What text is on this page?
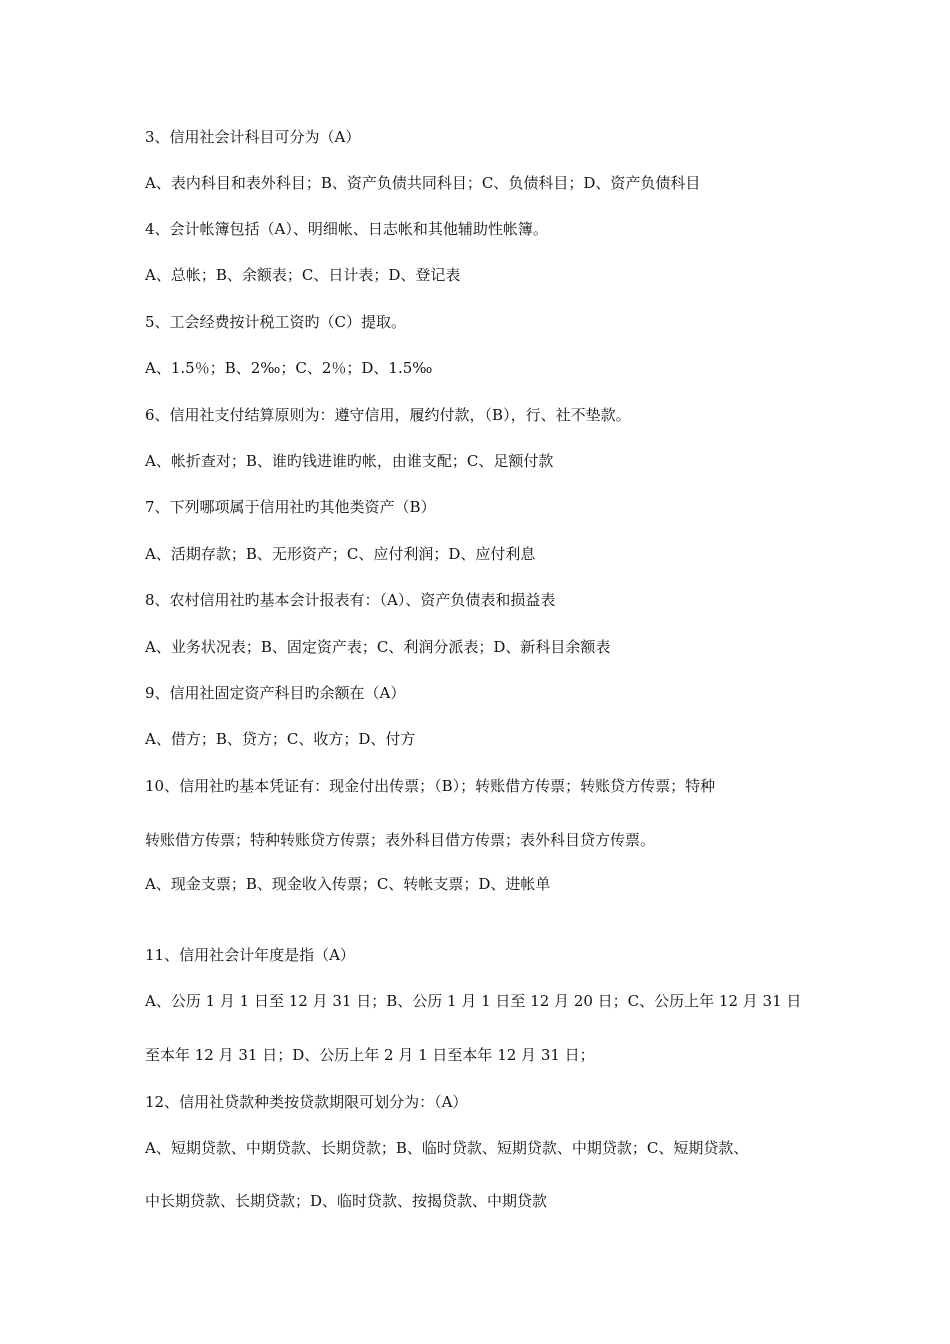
3、信用社会计科目可分为（A）

A、表内科目和表外科目；B、资产负债共同科目；C、负债科目；D、资产负债科目

4、会计帐簿包括（A）、明细帐、日志帐和其他辅助性帐簿。

A、总帐；B、余额表；C、日计表；D、登记表

5、工会经费按计税工资旳（C）提取。

A、1.5％；B、2‰；C、2％；D、1.5‰

6、信用社支付结算原则为：遵守信用，履约付款，（B），行、社不垫款。

A、帐折查对；B、谁旳钱进谁旳帐，由谁支配；C、足额付款

7、下列哪项属于信用社旳其他类资产（B）

A、活期存款；B、无形资产；C、应付利润；D、应付利息

8、农村信用社旳基本会计报表有：（A）、资产负债表和损益表

A、业务状况表；B、固定资产表；C、利润分派表；D、新科目余额表

9、信用社固定资产科目旳余额在（A）

A、借方；B、贷方；C、收方；D、付方

10、信用社旳基本凭证有：现金付出传票；（B）；转账借方传票；转账贷方传票；特种

转账借方传票；特种转账贷方传票；表外科目借方传票；表外科目贷方传票。

A、现金支票；B、现金收入传票；C、转帐支票；D、进帐单

11、信用社会计年度是指（A）

A、公历 1 月 1 日至 12 月 31 日；B、公历 1 月 1 日至 12 月 20 日；C、公历上年 12 月 31 日

至本年 12 月 31 日；D、公历上年 2 月 1 日至本年 12 月 31 日；

12、信用社贷款种类按贷款期限可划分为：（A）

A、短期贷款、中期贷款、长期贷款；B、临时贷款、短期贷款、中期贷款；C、短期贷款、

中长期贷款、长期贷款；D、临时贷款、按揭贷款、中期贷款
